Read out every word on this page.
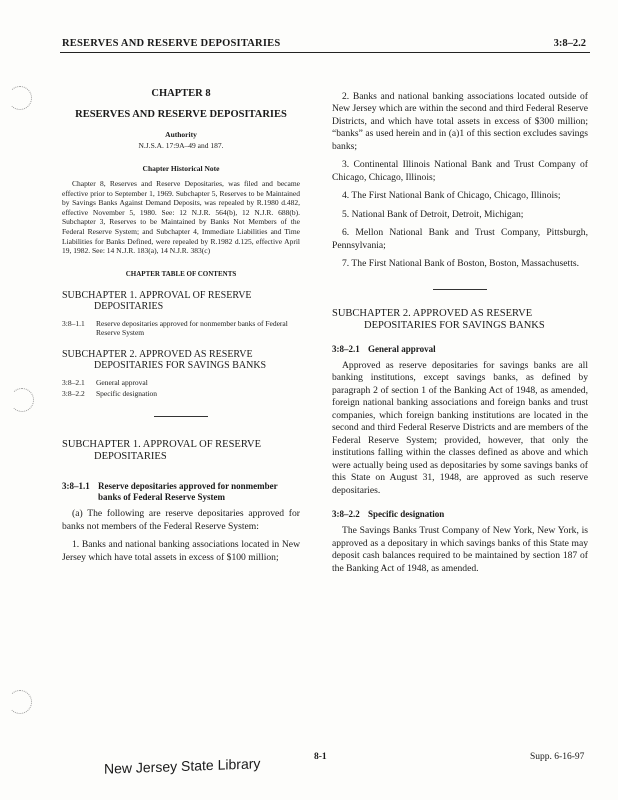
RESERVES AND RESERVE DEPOSITARIES	3:8–2.2
CHAPTER 8
RESERVES AND RESERVE DEPOSITARIES
Authority
N.J.S.A. 17:9A–49 and 187.
Chapter Historical Note
Chapter 8, Reserves and Reserve Depositaries, was filed and became effective prior to September 1, 1969. Subchapter 5, Reserves to be Maintained by Savings Banks Against Demand Deposits, was repealed by R.1980 d.482, effective November 5, 1980. See: 12 N.J.R. 564(b), 12 N.J.R. 688(b). Subchapter 3, Reserves to be Maintained by Banks Not Members of the Federal Reserve System; and Subchapter 4, Immediate Liabilities and Time Liabilities for Banks Defined, were repealed by R.1982 d.125, effective April 19, 1982. See: 14 N.J.R. 183(a), 14 N.J.R. 383(c)
CHAPTER TABLE OF CONTENTS
SUBCHAPTER 1. APPROVAL OF RESERVE DEPOSITARIES
3:8–1.1	Reserve depositaries approved for nonmember banks of Federal Reserve System
SUBCHAPTER 2. APPROVED AS RESERVE DEPOSITARIES FOR SAVINGS BANKS
3:8–2.1	General approval
3:8–2.2	Specific designation
SUBCHAPTER 1. APPROVAL OF RESERVE DEPOSITARIES
3:8–1.1 Reserve depositaries approved for nonmember banks of Federal Reserve System
(a) The following are reserve depositaries approved for banks not members of the Federal Reserve System:
1. Banks and national banking associations located in New Jersey which have total assets in excess of $100 million;
2. Banks and national banking associations located outside of New Jersey which are within the second and third Federal Reserve Districts, and which have total assets in excess of $300 million; “banks” as used herein and in (a)1 of this section excludes savings banks;
3. Continental Illinois National Bank and Trust Company of Chicago, Chicago, Illinois;
4. The First National Bank of Chicago, Chicago, Illinois;
5. National Bank of Detroit, Detroit, Michigan;
6. Mellon National Bank and Trust Company, Pittsburgh, Pennsylvania;
7. The First National Bank of Boston, Boston, Massachusetts.
SUBCHAPTER 2. APPROVED AS RESERVE DEPOSITARIES FOR SAVINGS BANKS
3:8–2.1 General approval
Approved as reserve depositaries for savings banks are all banking institutions, except savings banks, as defined by paragraph 2 of section 1 of the Banking Act of 1948, as amended, foreign national banking associations and foreign banks and trust companies, which foreign banking institutions are located in the second and third Federal Reserve Districts and are members of the Federal Reserve System; provided, however, that only the institutions falling within the classes defined as above and which were actually being used as depositaries by some savings banks of this State on August 31, 1948, are approved as such reserve depositaries.
3:8–2.2 Specific designation
The Savings Banks Trust Company of New York, New York, is approved as a depositary in which savings banks of this State may deposit cash balances required to be maintained by section 187 of the Banking Act of 1948, as amended.
New Jersey State Library	8-1	Supp. 6-16-97
